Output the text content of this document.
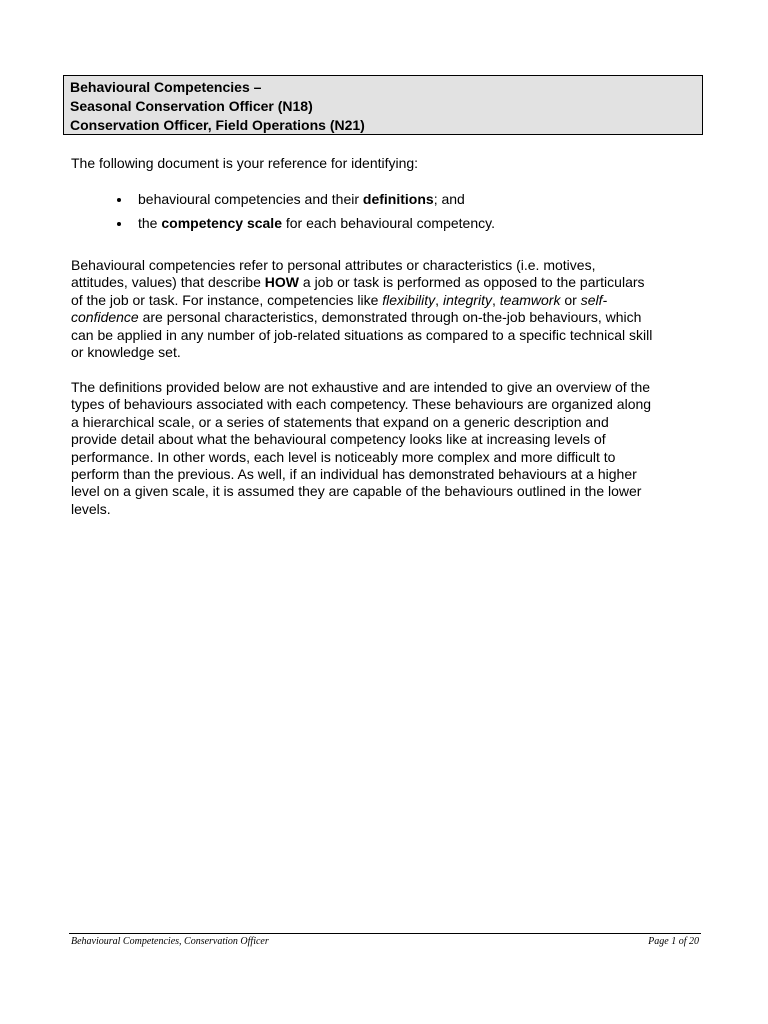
Behavioural Competencies –
Seasonal Conservation Officer (N18)
Conservation Officer, Field Operations (N21)
The following document is your reference for identifying:
behavioural competencies and their definitions; and
the competency scale for each behavioural competency.
Behavioural competencies refer to personal attributes or characteristics (i.e. motives,
attitudes, values) that describe HOW a job or task is performed as opposed to the particulars
of the job or task. For instance, competencies like flexibility, integrity, teamwork or self-
confidence are personal characteristics, demonstrated through on-the-job behaviours, which
can be applied in any number of job-related situations as compared to a specific technical skill
or knowledge set.
The definitions provided below are not exhaustive and are intended to give an overview of the
types of behaviours associated with each competency. These behaviours are organized along
a hierarchical scale, or a series of statements that expand on a generic description and
provide detail about what the behavioural competency looks like at increasing levels of
performance. In other words, each level is noticeably more complex and more difficult to
perform than the previous. As well, if an individual has demonstrated behaviours at a higher
level on a given scale, it is assumed they are capable of the behaviours outlined in the lower
levels.
Behavioural Competencies, Conservation Officer	Page 1 of 20
